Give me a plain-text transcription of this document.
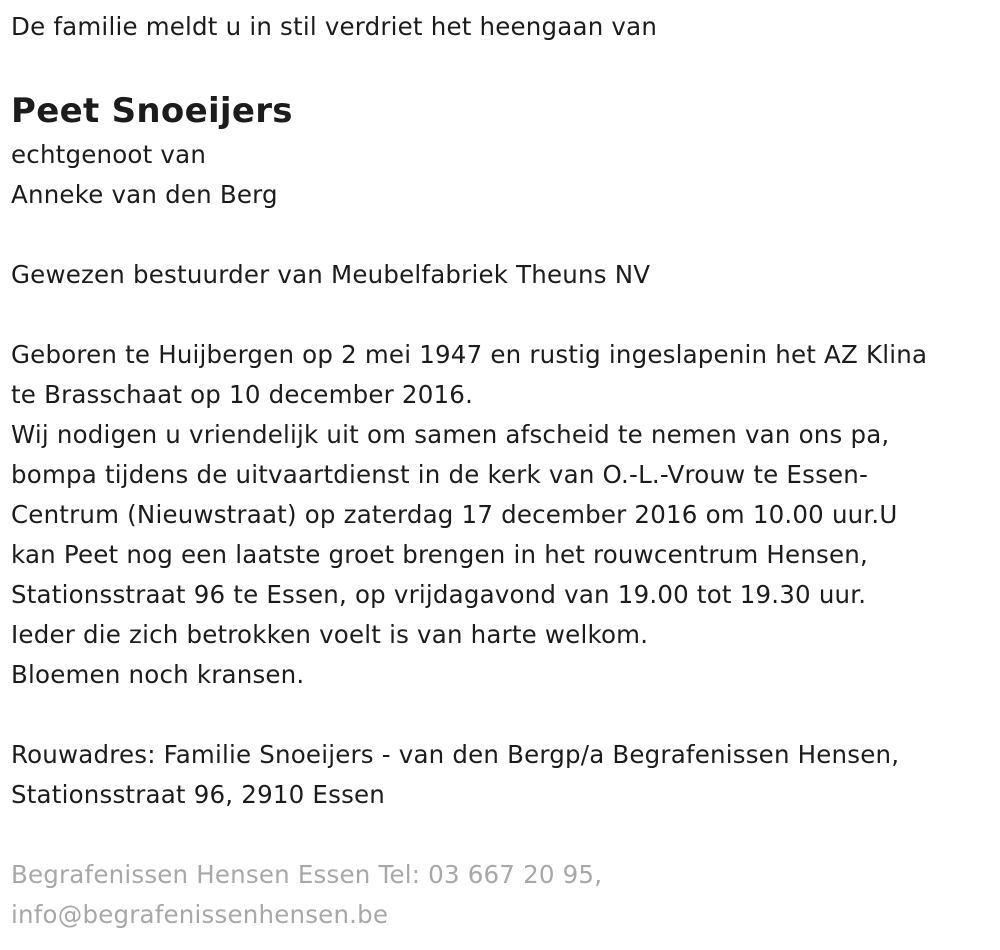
De familie meldt u in stil verdriet het heengaan van
Peet Snoeijers
echtgenoot van
Anneke van den Berg
Gewezen bestuurder van Meubelfabriek Theuns NV
Geboren te Huijbergen op 2 mei 1947 en rustig ingeslapenin het AZ Klina
te Brasschaat op 10 december 2016.
Wij nodigen u vriendelijk uit om samen afscheid te nemen van ons pa,
bompa tijdens de uitvaartdienst in de kerk van O.-L.-Vrouw te Essen-
Centrum (Nieuwstraat) op zaterdag 17 december 2016 om 10.00 uur.U
kan Peet nog een laatste groet brengen in het rouwcentrum Hensen,
Stationsstraat 96 te Essen, op vrijdagavond van 19.00 tot 19.30 uur.
Ieder die zich betrokken voelt is van harte welkom.
Bloemen noch kransen.
Rouwadres: Familie Snoeijers - van den Bergp/a Begrafenissen Hensen,
Stationsstraat 96, 2910 Essen
Begrafenissen Hensen Essen Tel: 03 667 20 95,
info@begrafenissenhensen.be
